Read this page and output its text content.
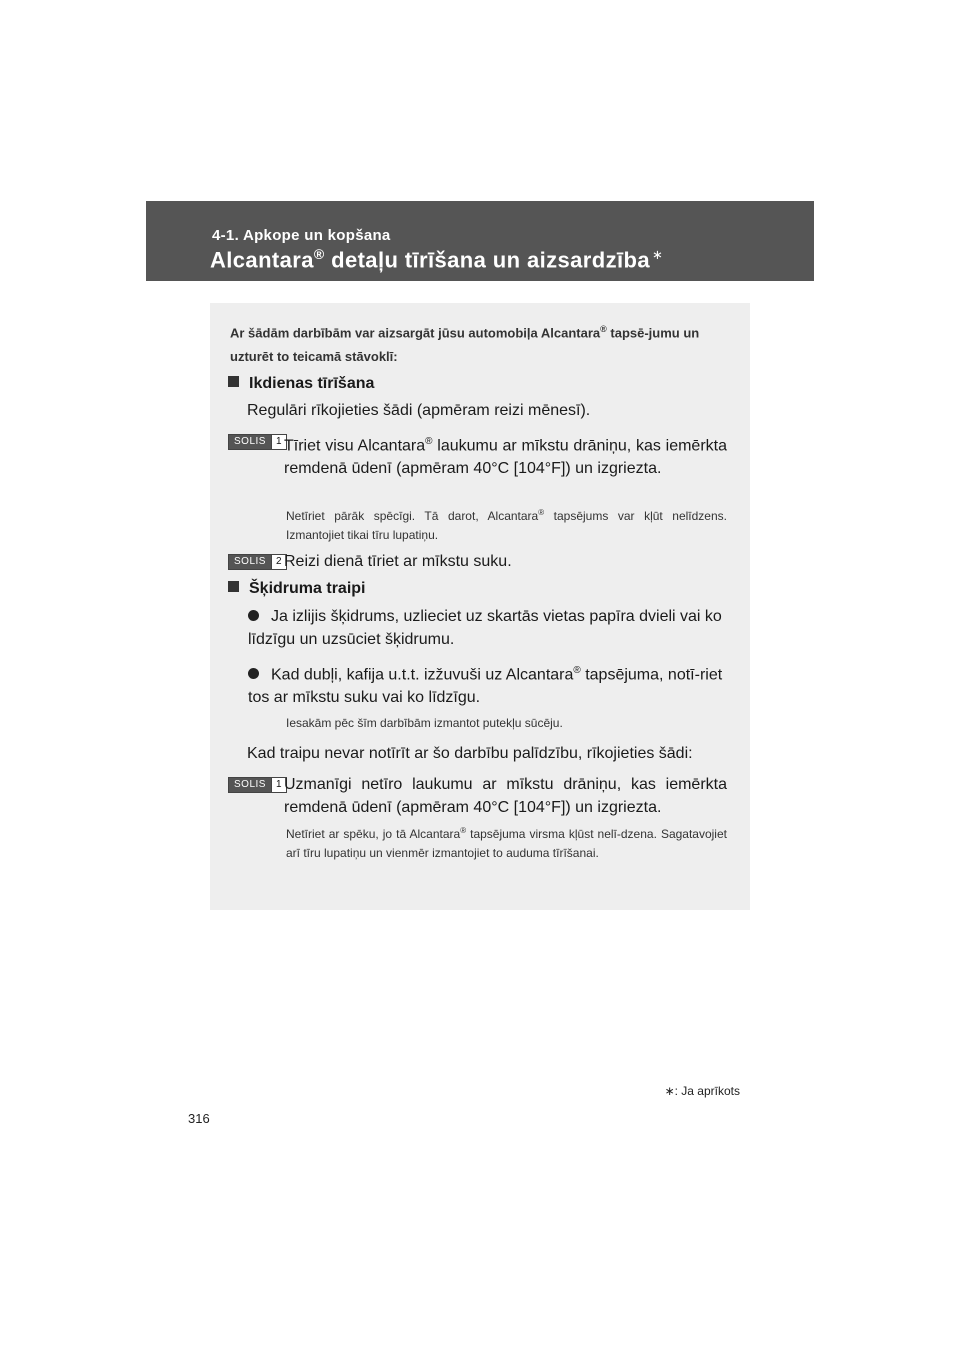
4-1. Apkope un kopšana
Alcantara® detaļu tīrīšana un aizsardzība ∗
Ar šādām darbībām var aizsargāt jūsu automobiļa Alcantara® tapsē-jumu un uzturēt to teicamā stāvoklī:
Ikdienas tīrīšana
Regulāri rīkojieties šādi (apmēram reizi mēnesī).
SOLIS	1 Tīriet visu Alcantara® laukumu ar mīkstu drāniņu, kas iemērkta remdenā ūdenī (apmēram 40°C [104°F]) un izgriezta.
Netīriet pārāk spēcīgi. Tā darot, Alcantara® tapsējums var kļūt nelīdzens. Izmantojiet tikai tīru lupatiņu.
SOLIS	2 Reizi dienā tīriet ar mīkstu suku.
Šķidruma traipi
Ja izlijis šķidrums, uzlieciet uz skartās vietas papīra dvieli vai ko līdzīgu un uzsūciet šķidrumu.
Kad dubļi, kafija u.t.t. izžuvuši uz Alcantara® tapsējuma, notī-riet tos ar mīkstu suku vai ko līdzīgu.
Iesakām pēc šīm darbībām izmantot putekļu sūcēju.
Kad traipu nevar notīrīt ar šo darbību palīdzību, rīkojieties šādi:
SOLIS	1 Uzmanīgi netīro laukumu ar mīkstu drāniņu, kas iemērkta remdenā ūdenī (apmēram 40°C [104°F]) un izgriezta.
Netīriet ar spēku, jo tā Alcantara® tapsējuma virsma kļūst nelī-dzena. Sagatavojiet arī tīru lupatiņu un vienmēr izmantojiet to auduma tīrīšanai.
∗: Ja aprīkots
316
